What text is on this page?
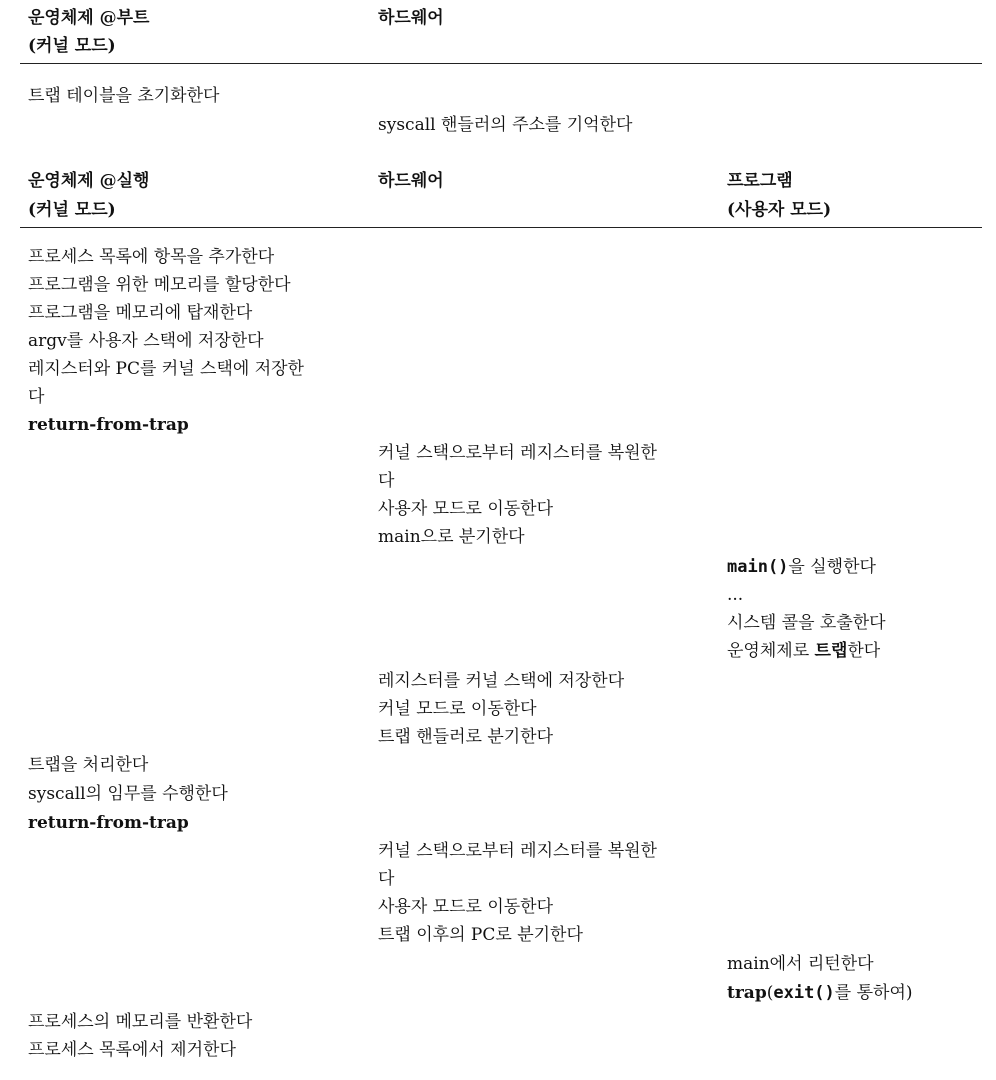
운영체제 @부트
(커널 모드)
하드웨어
트랩 테이블을 초기화한다
syscall 핸들러의 주소를 기억한다
운영체제 @실행
(커널 모드)
하드웨어	프로그램
(사용자 모드)
프로세스 목록에 항목을 추가한다
프로그램을 위한 메모리를 할당한다
프로그램을 메모리에 탑재한다
argv를 사용자 스택에 저장한다
레지스터와 PC를 커널 스택에 저장한
다
return-from-trap
커널 스택으로부터 레지스터를 복원한
다
사용자 모드로 이동한다
main으로 분기한다
main()을 실행한다
...
시스템 콜을 호출한다
운영체제로 트랩한다
레지스터를 커널 스택에 저장한다
커널 모드로 이동한다
트랩 핸들러로 분기한다
트랩을 처리한다
syscall의 임무를 수행한다
return-from-trap
커널 스택으로부터 레지스터를 복원한
다
사용자 모드로 이동한다
트랩 이후의 PC로 분기한다
main에서 리턴한다
trap(exit()를 통하여)
프로세스의 메모리를 반환한다
프로세스 목록에서 제거한다
